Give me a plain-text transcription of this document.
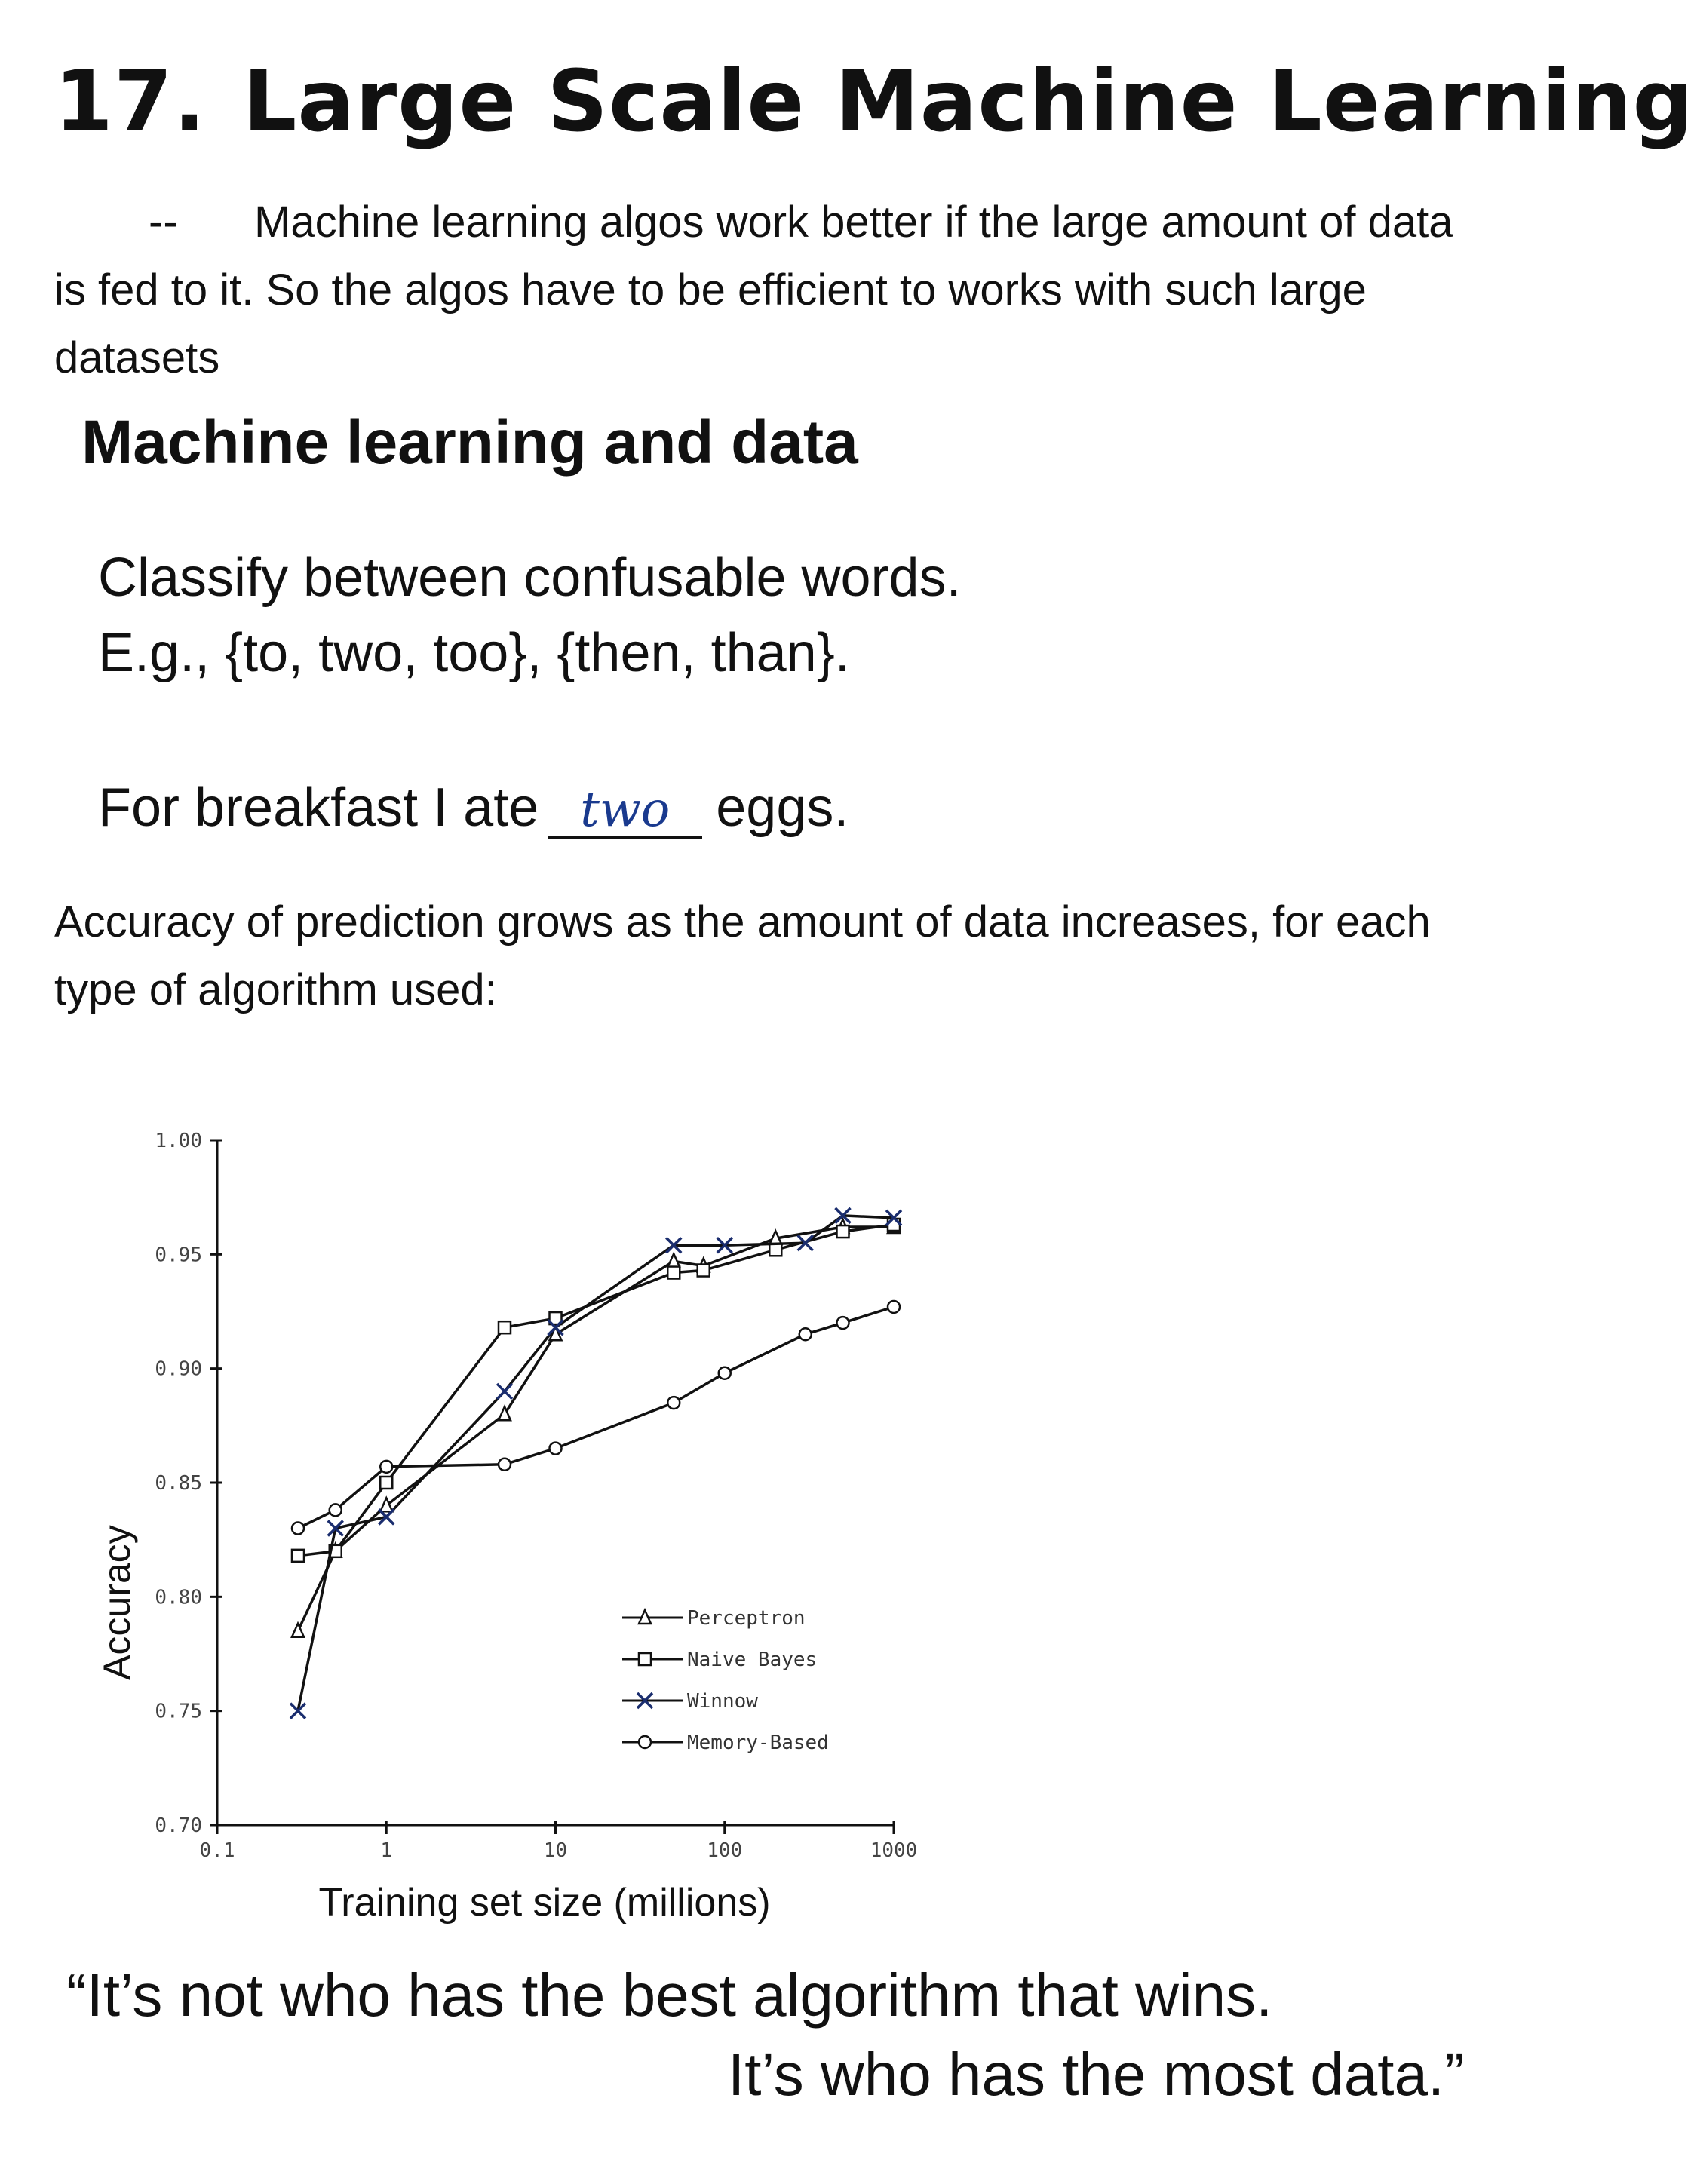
17. Large Scale Machine Learning

-- Machine learning algos work better if the large amount of data is fed to it. So the algos have to be efficient to works with such large datasets

Machine learning and data
Classify between confusable words.
E.g., {to, two, too}, {then, than}.
For breakfast I ate two eggs.

Accuracy of prediction grows as the amount of data increases, for each type of algorithm used:

0.70
0.75
0.80
0.85
0.90
0.95
1.00
0.1	1	10	100	1000
Perceptron
Naive Bayes
Winnow
Memory-Based
Accuracy
Training set size (millions)
“It’s not who has the best algorithm that wins.
It’s who has the most data.”
